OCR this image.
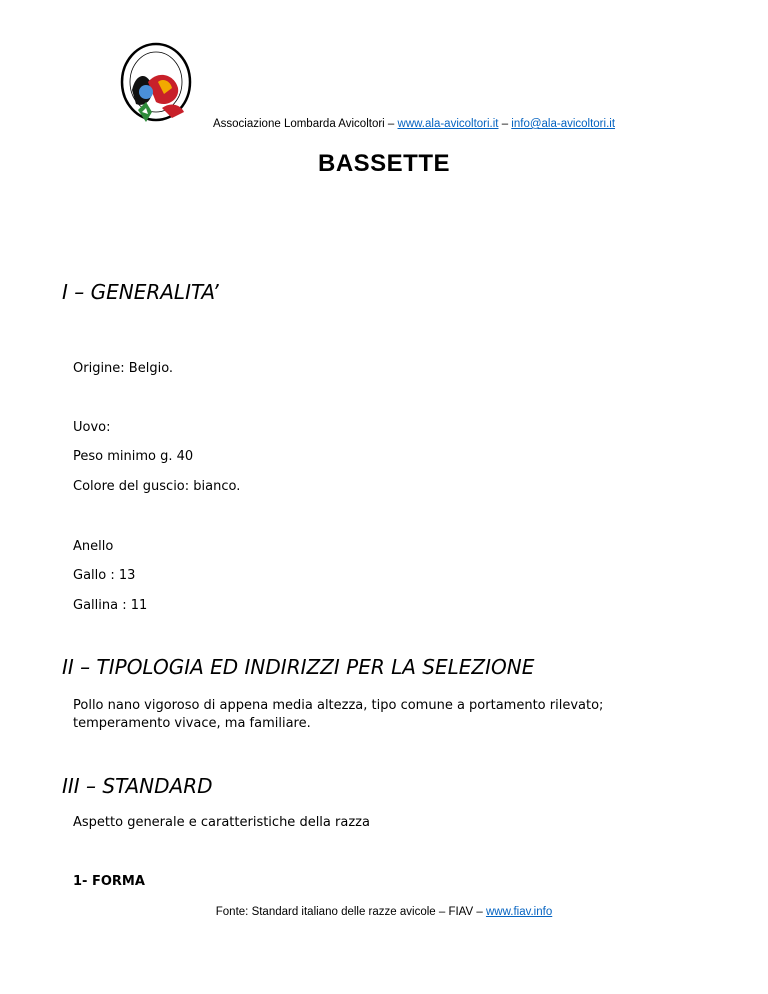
Associazione Lombarda Avicoltori – www.ala-avicoltori.it – info@ala-avicoltori.it
BASSETTE
I – GENERALITA’
Origine: Belgio.
Uovo:
Peso minimo g. 40
Colore del guscio: bianco.
Anello
Gallo : 13
Gallina : 11
II – TIPOLOGIA ED INDIRIZZI PER LA SELEZIONE
Pollo nano vigoroso di appena media altezza, tipo comune a portamento rilevato;
temperamento vivace, ma familiare.
III – STANDARD
Aspetto generale e caratteristiche della razza
1- FORMA
Fonte: Standard italiano delle razze avicole – FIAV – www.fiav.info
